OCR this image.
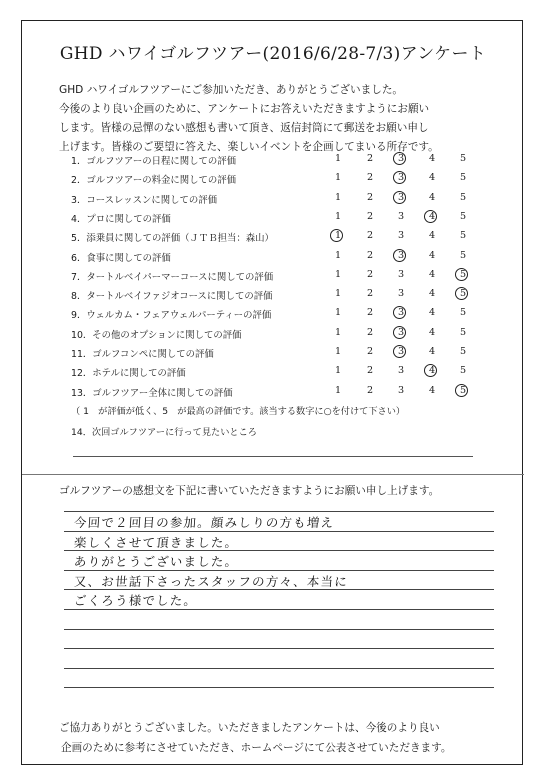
GHD ハワイゴルフツアー(2016/6/28-7/3)アンケート
GHD ハワイゴルフツアーにご参加いただき、ありがとうございました。
今後のより良い企画のために、アンケートにお答えいただきますようにお願い
します。皆様の忌憚のない感想も書いて頂き、返信封筒にて郵送をお願い申し
上げます。皆様のご要望に答えた、楽しいイベントを企画してまいる所存です。
1．ゴルフツアーの日程に関しての評価	1	2	3	4	5
2．ゴルフツアーの料金に関しての評価	1	2	3	4	5
3．コースレッスンに関しての評価	1	2	3	4	5
4．プロに関しての評価	1	2	3	4	5
5．添乗員に関しての評価（ＪＴＢ担当：森山）	1	2	3	4	5
6．食事に関しての評価	1	2	3	4	5
7．タートルベイパーマーコースに関しての評価	1	2	3	4	5
8．タートルベイファジオコースに関しての評価	1	2	3	4	5
9．ウェルカム・フェアウェルパーティーの評価	1	2	3	4	5
10．その他のオプションに関しての評価	1	2	3	4	5
11．ゴルフコンペに関しての評価	1	2	3	4	5
12．ホテルに関しての評価	1	2	3	4	5
13．ゴルフツアー全体に関しての評価	1	2	3	4	5
（ 1　が評価が低く、5　が最高の評価です。該当する数字に○を付けて下さい）
14．次回ゴルフツアーに行って見たいところ
ゴルフツアーの感想文を下記に書いていただきますようにお願い申し上げます。
今回で２回目の参加。顔みしりの方も増え
楽しくさせて頂きました。
ありがとうございました。
又、お世話下さったスタッフの方々、本当に
ごくろう様でした。
ご協力ありがとうございました。いただきましたアンケートは、今後のより良い
企画のために参考にさせていただき、ホームページにて公表させていただきます。
